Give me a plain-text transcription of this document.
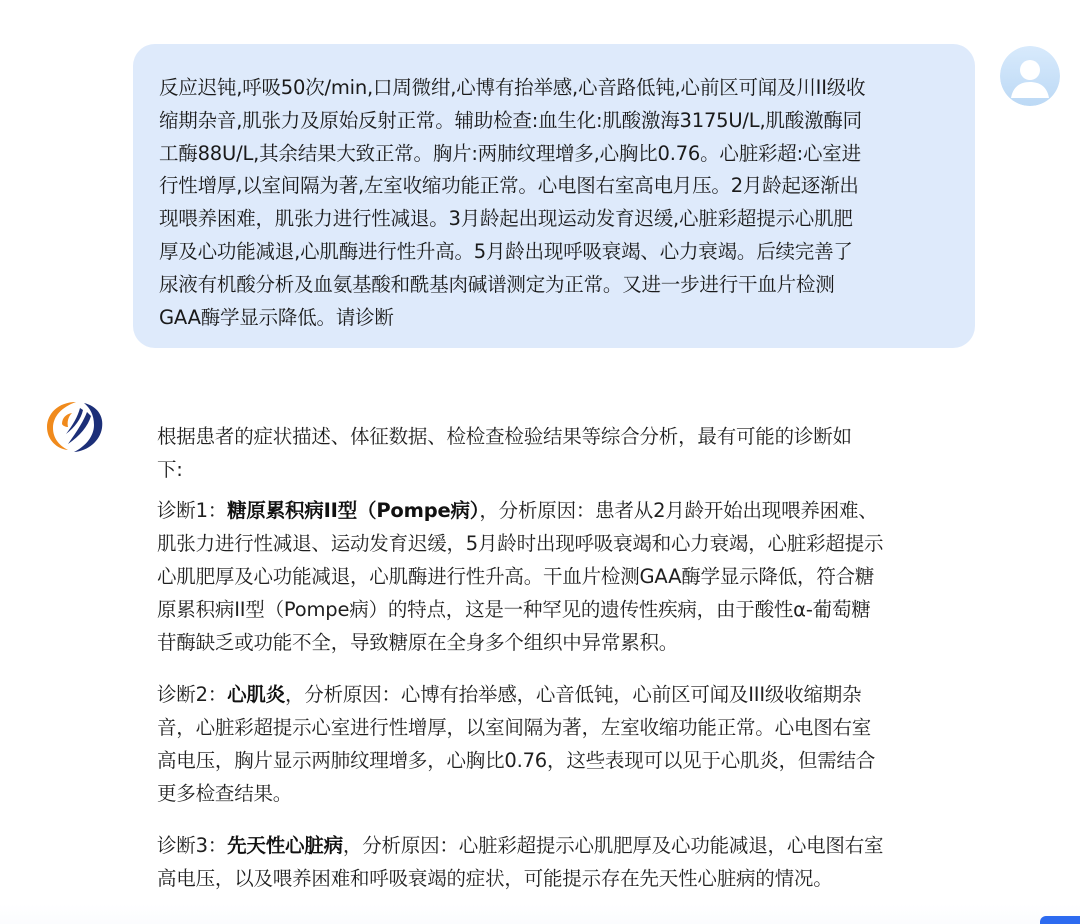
反应迟钝,呼吸50次/min,口周微绀,心博有抬举感,心音路低钝,心前区可闻及川II级收
缩期杂音,肌张力及原始反射正常。辅助检查:血生化:肌酸激海3175U/L,肌酸激酶同
工酶88U/L,其余结果大致正常。胸片:两肺纹理增多,心胸比0.76。心脏彩超:心室进
行性增厚,以室间隔为著,左室收缩功能正常。心电图右室高电月压。2月龄起逐渐出
现喂养困难，肌张力进行性减退。3月龄起出现运动发育迟缓,心脏彩超提示心肌肥
厚及心功能减退,心肌酶进行性升高。5月龄出现呼吸衰竭、心力衰竭。后续完善了
尿液有机酸分析及血氨基酸和酰基肉碱谱测定为正常。又进一步进行干血片检测
GAA酶学显示降低。请诊断

根据患者的症状描述、体征数据、检检查检验结果等综合分析，最有可能的诊断如
下:

诊断1：糖原累积病II型（Pompe病），分析原因：患者从2月龄开始出现喂养困难、
肌张力进行性减退、运动发育迟缓，5月龄时出现呼吸衰竭和心力衰竭，心脏彩超提示
心肌肥厚及心功能减退，心肌酶进行性升高。干血片检测GAA酶学显示降低，符合糖
原累积病II型（Pompe病）的特点，这是一种罕见的遗传性疾病，由于酸性α-葡萄糖
苷酶缺乏或功能不全，导致糖原在全身多个组织中异常累积。

诊断2：心肌炎，分析原因：心博有抬举感，心音低钝，心前区可闻及III级收缩期杂
音，心脏彩超提示心室进行性增厚，以室间隔为著，左室收缩功能正常。心电图右室
高电压，胸片显示两肺纹理增多，心胸比0.76，这些表现可以见于心肌炎，但需结合
更多检查结果。

诊断3：先天性心脏病，分析原因：心脏彩超提示心肌肥厚及心功能减退，心电图右室
高电压，以及喂养困难和呼吸衰竭的症状，可能提示存在先天性心脏病的情况。
